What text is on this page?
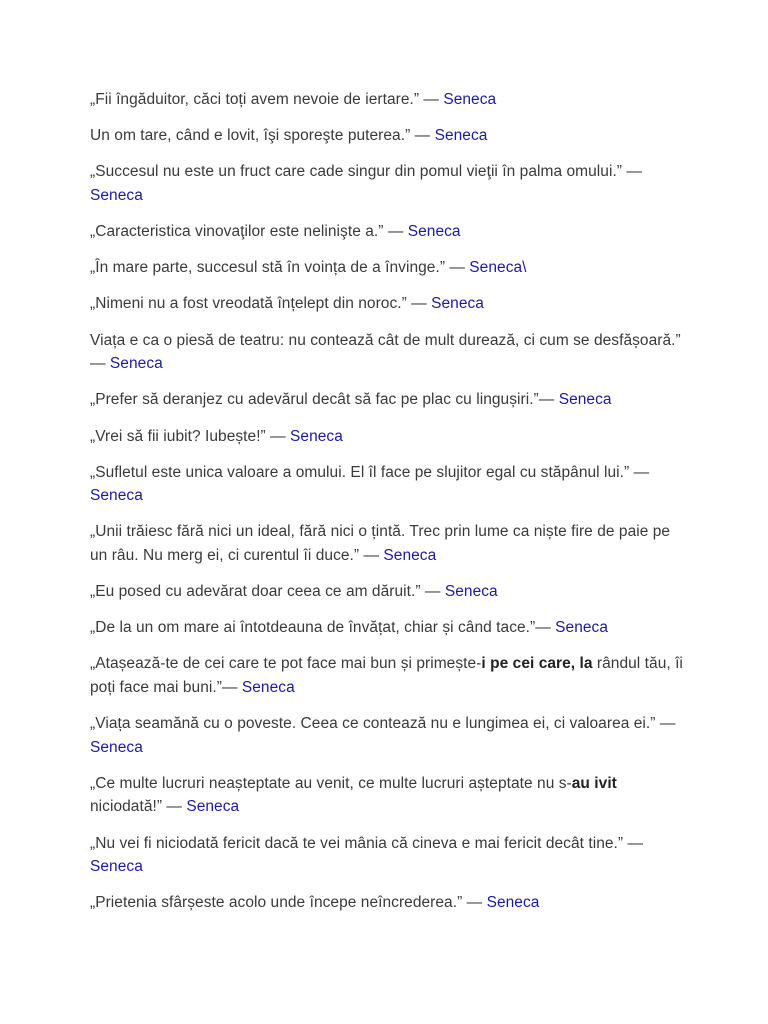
„Fii îngăduitor, căci toți avem nevoie de iertare.” — Seneca

Un om tare, când e lovit, îşi sporeşte puterea.” — Seneca

„Succesul nu este un fruct care cade singur din pomul vieţii în palma omului.” — Seneca

„Caracteristica vinovaţilor este nelinişte a.” — Seneca

„În mare parte, succesul stă în voința de a învinge.” — Seneca\

„Nimeni nu a fost vreodată înțelept din noroc.” — Seneca

Viața e ca o piesă de teatru: nu contează cât de mult durează, ci cum se desfășoară.” — Seneca

„Prefer să deranjez cu adevărul decât să fac pe plac cu lingușiri.”— Seneca

„Vrei să fii iubit? Iubește!” — Seneca

„Sufletul este unica valoare a omului. El îl face pe slujitor egal cu stăpânul lui.” — Seneca

„Unii trăiesc fără nici un ideal, fără nici o țintă. Trec prin lume ca niște fire de paie pe un râu. Nu merg ei, ci curentul îi duce.” — Seneca

„Eu posed cu adevărat doar ceea ce am dăruit.” — Seneca

„De la un om mare ai întotdeauna de învățat, chiar și când tace.”— Seneca

„Atașează-te de cei care te pot face mai bun și primește-i pe cei care, la rândul tău, îi poți face mai buni.”— Seneca

„Viața seamănă cu o poveste. Ceea ce contează nu e lungimea ei, ci valoarea ei.” — Seneca

„Ce multe lucruri neașteptate au venit, ce multe lucruri așteptate nu s-au ivit niciodată!” — Seneca

„Nu vei fi niciodată fericit dacă te vei mânia că cineva e mai fericit decât tine.” — Seneca

„Prietenia sfârșeste acolo unde începe neîncrederea.” — Seneca
